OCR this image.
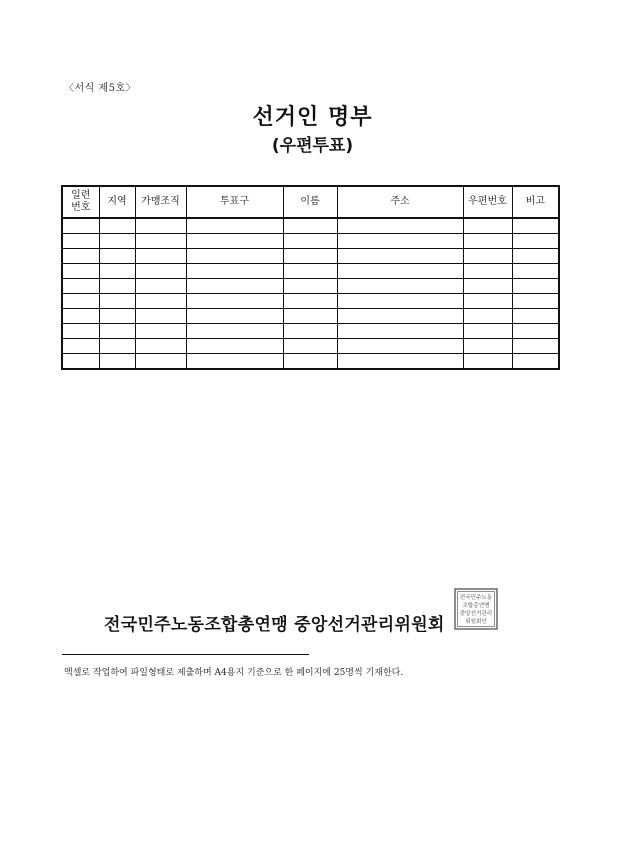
〈서식 제5호〉
선거인 명부
(우편투표)
일련
번호	지역	가맹조직	투표구	이름	주소	우편번호	비고

전국민주노동조합총연맹 중앙선거관리위원회
전국민주노동
조합총연맹
중앙선거관리
위원회인
엑셀로 작업하여 파일형태로 제출하며 A4용지 기준으로 한 페이지에 25명씩 기재한다.
